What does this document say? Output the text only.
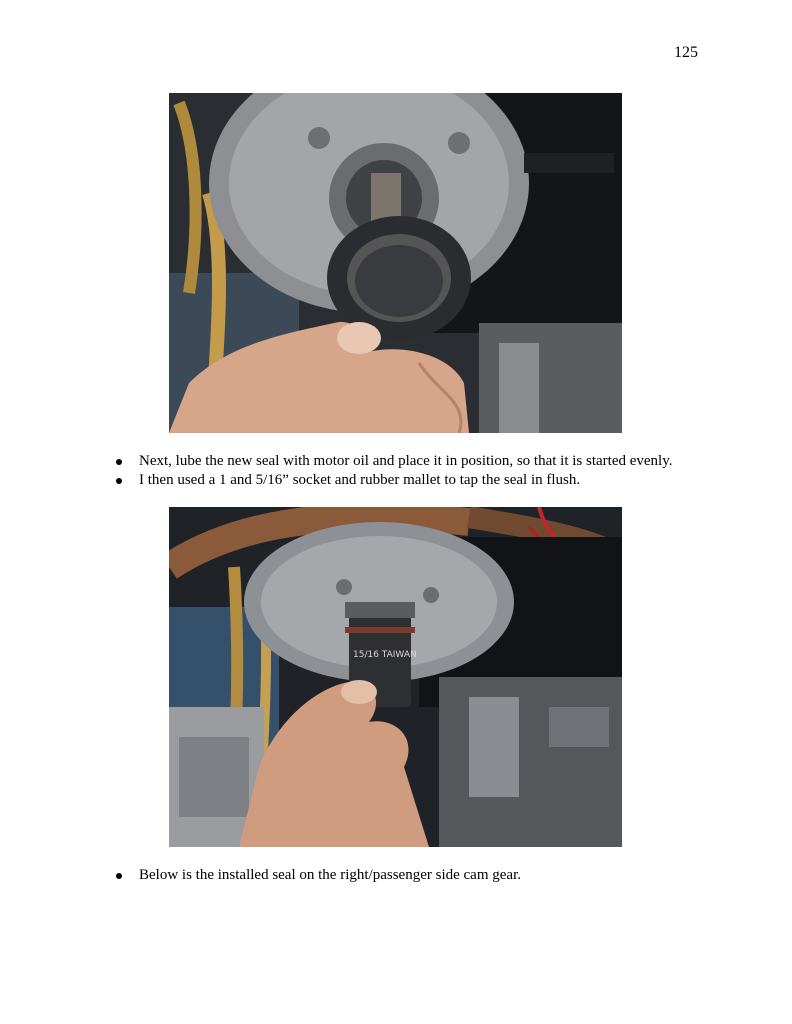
125
Next, lube the new seal with motor oil and place it in position, so that it is started evenly.
I then used a 1 and 5/16” socket and rubber mallet to tap the seal in flush.
15/16 TAIWAN
Below is the installed seal on the right/passenger side cam gear.
